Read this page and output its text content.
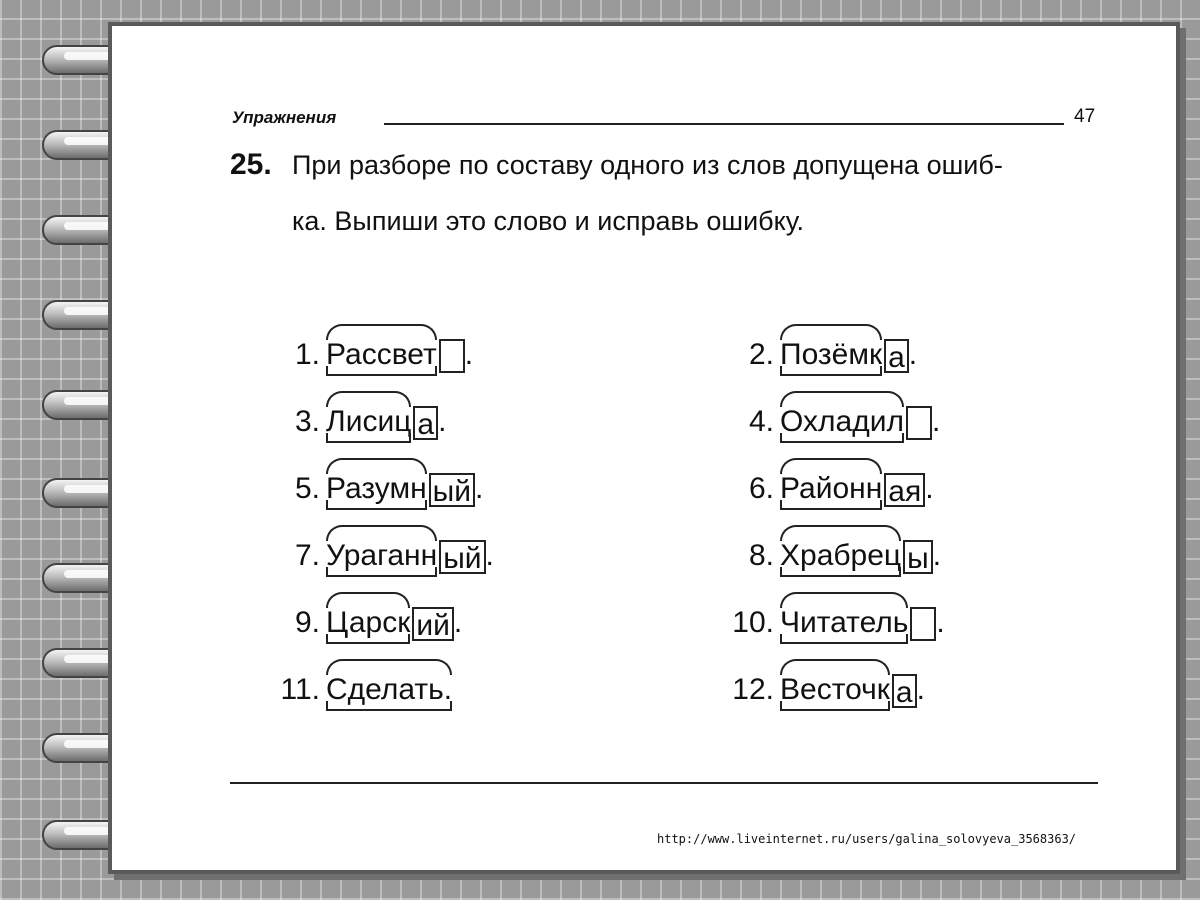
Упражнения	47
25. При разборе по составу одного из слов допущена ошиб-
ка. Выпиши это слово и исправь ошибку.
1. Рассвет .	2. Позёмк а .
3. Лисиц а .	4. Охладил .
5. Разумн ый .	6. Районн ая .
7. Ураганн ый .	8. Храбрец ы .
9. Царск ий .	10. Читатель .
11. Сделать.	12. Весточк а .
http://www.liveinternet.ru/users/galina_solovyeva_3568363/
